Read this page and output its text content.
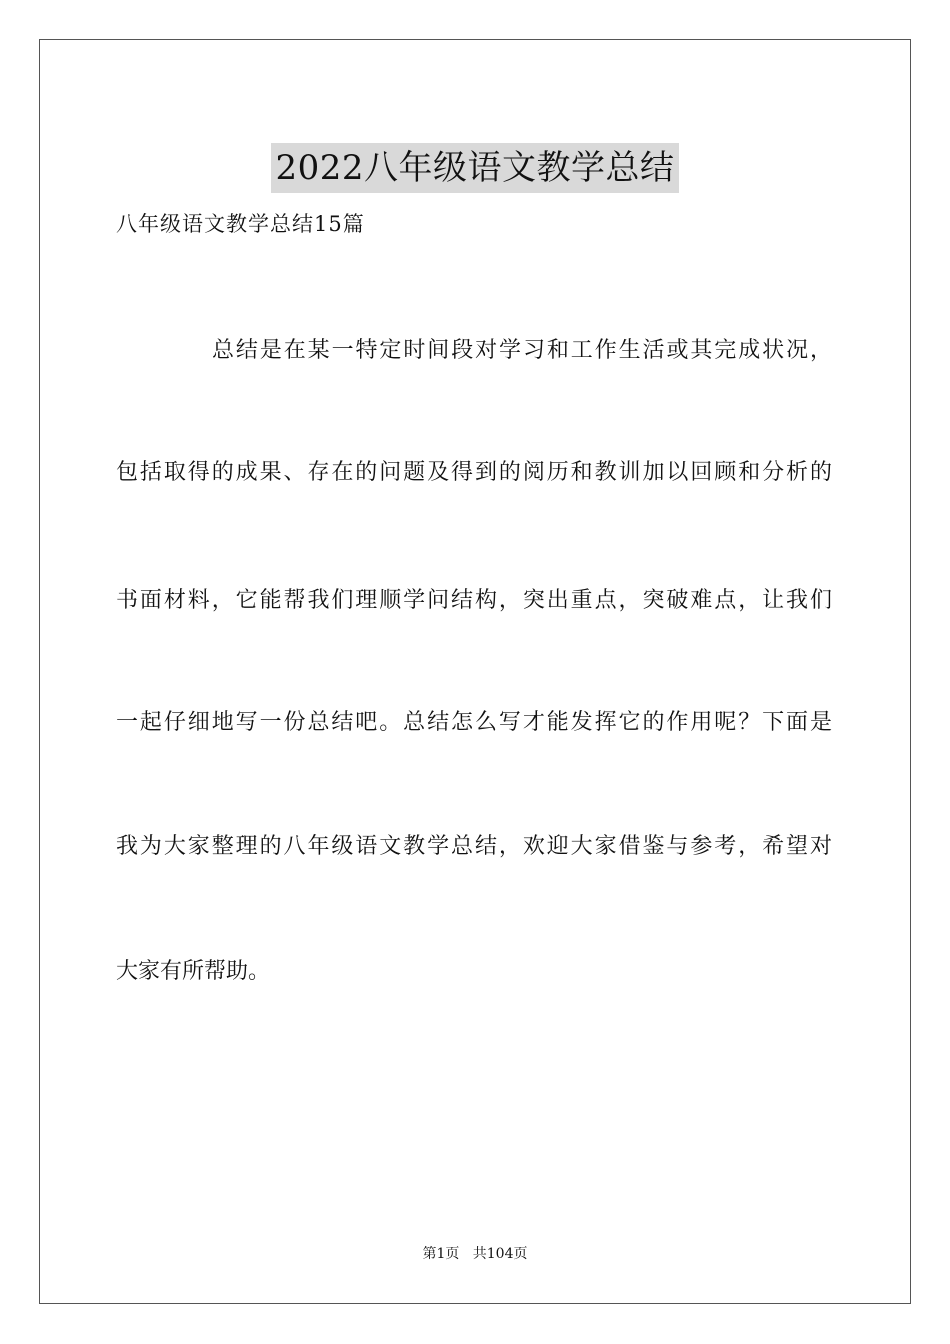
2022八年级语文教学总结
八年级语文教学总结15篇
总结是在某一特定时间段对学习和工作生活或其完成状况，
包括取得的成果、存在的问题及得到的阅历和教训加以回顾和分析的
书面材料，它能帮我们理顺学问结构，突出重点，突破难点，让我们
一起仔细地写一份总结吧。总结怎么写才能发挥它的作用呢？下面是
我为大家整理的八年级语文教学总结，欢迎大家借鉴与参考，希望对
大家有所帮助。
第1页   共104页
